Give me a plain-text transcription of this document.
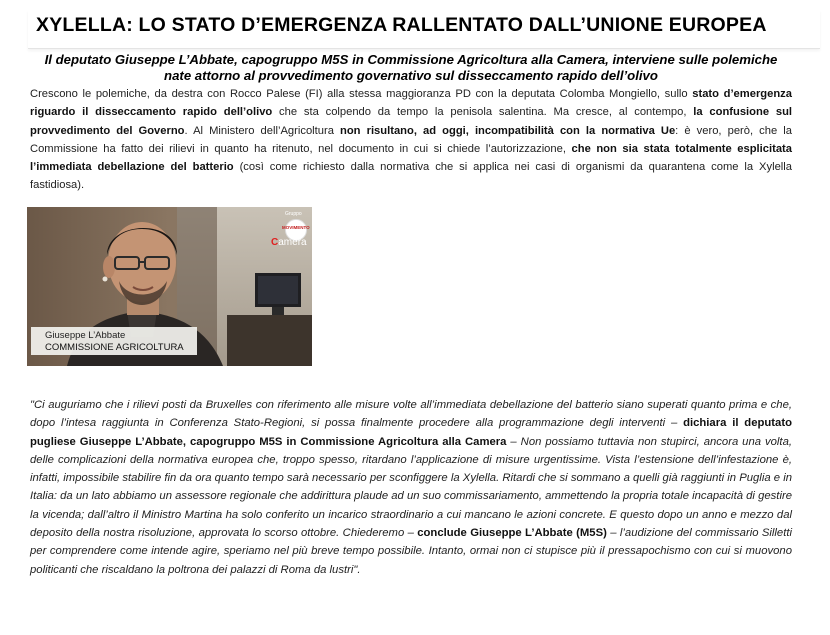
XYLELLA: LO STATO D’EMERGENZA RALLENTATO DALL’UNIONE EUROPEA

Il deputato Giuseppe L’Abbate, capogruppo M5S in Commissione Agricoltura alla Camera, interviene sulle polemiche nate attorno al provvedimento governativo sul disseccamento rapido dell’olivo

Crescono le polemiche, da destra con Rocco Palese (FI) alla stessa maggioranza PD con la deputata Colomba Mongiello, sullo stato d’emergenza riguardo il disseccamento rapido dell’olivo che sta colpendo da tempo la penisola salentina. Ma cresce, al contempo, la confusione sul provvedimento del Governo. Al Ministero dell’Agricoltura non risultano, ad oggi, incompatibilità con la normativa Ue: è vero, però, che la Commissione ha fatto dei rilievi in quanto ha ritenuto, nel documento in cui si chiede l’autorizzazione, che non sia stata totalmente esplicitata l’immediata debellazione del batterio (così come richiesto dalla normativa che si applica nei casi di organismi da quarantena come la Xylella fastidiosa).

Gruppo
MOVIMENTO
Camera
Giuseppe L’Abbate
COMMISSIONE AGRICOLTURA

"Ci auguriamo che i rilievi posti da Bruxelles con riferimento alle misure volte all’immediata debellazione del batterio siano superati quanto prima e che, dopo l’intesa raggiunta in Conferenza Stato-Regioni, si possa finalmente procedere alla programmazione degli interventi – dichiara il deputato pugliese Giuseppe L’Abbate, capogruppo M5S in Commissione Agricoltura alla Camera – Non possiamo tuttavia non stupirci, ancora una volta, delle complicazioni della normativa europea che, troppo spesso, ritardano l’applicazione di misure urgentissime. Vista l’estensione dell’infestazione è, infatti, impossibile stabilire fin da ora quanto tempo sarà necessario per sconfiggere la Xylella. Ritardi che si sommano a quelli già raggiunti in Puglia e in Italia: da un lato abbiamo un assessore regionale che addirittura plaude ad un suo commissariamento, ammettendo la propria totale incapacità di gestire la vicenda; dall’altro il Ministro Martina ha solo conferito un incarico straordinario a cui mancano le azioni concrete. E questo dopo un anno e mezzo dal deposito della nostra risoluzione, approvata lo scorso ottobre. Chiederemo – conclude Giuseppe L’Abbate (M5S) – l’audizione del commissario Silletti per comprendere come intende agire, speriamo nel più breve tempo possibile. Intanto, ormai non ci stupisce più il pressapochismo con cui si muovono politicanti che riscaldano la poltrona dei palazzi di Roma da lustri".
